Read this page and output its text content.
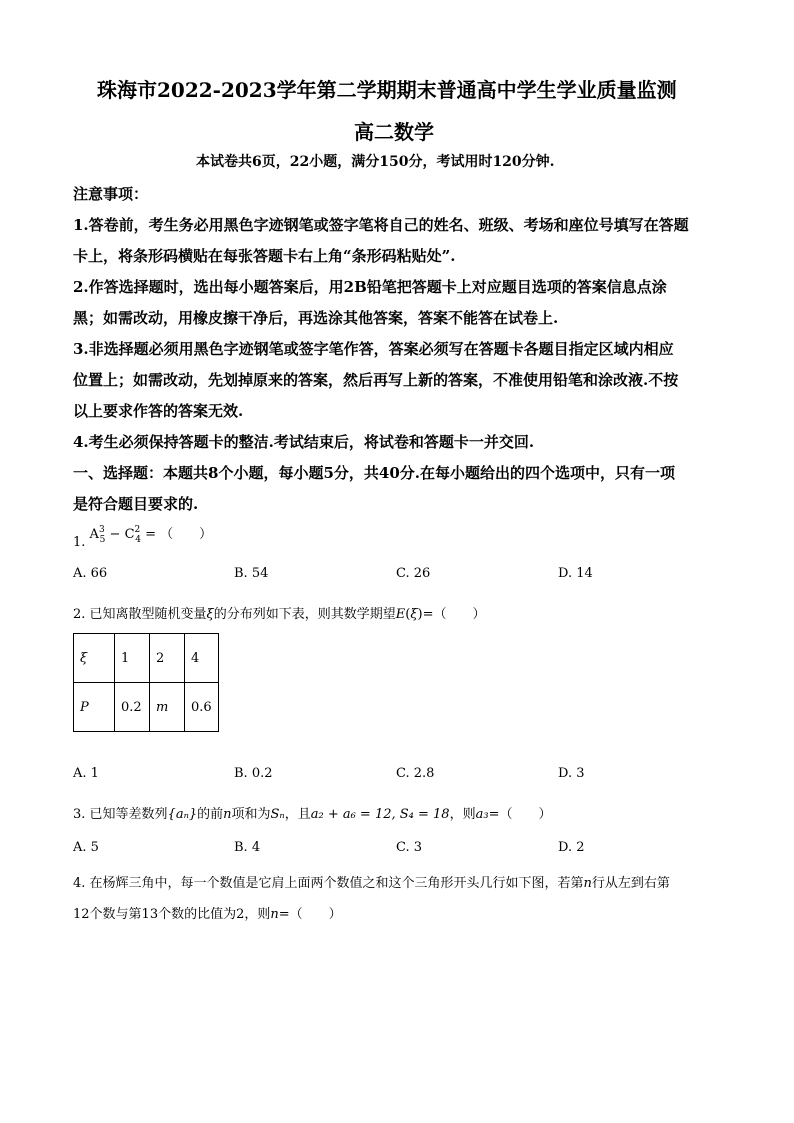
珠海市2022-2023学年第二学期期末普通高中学生学业质量监测
高二数学
本试卷共6页，22小题，满分150分，考试用时120分钟.
注意事项：
1.答卷前，考生务必用黑色字迹钢笔或签字笔将自己的姓名、班级、考场和座位号填写在答题
卡上，将条形码横贴在每张答题卡右上角“条形码粘贴处”.
2.作答选择题时，选出每小题答案后，用2B铅笔把答题卡上对应题目选项的答案信息点涂
黑；如需改动，用橡皮擦干净后，再选涂其他答案，答案不能答在试卷上.
3.非选择题必须用黑色字迹钢笔或签字笔作答，答案必须写在答题卡各题目指定区域内相应
位置上；如需改动，先划掉原来的答案，然后再写上新的答案，不准使用铅笔和涂改液.不按
以上要求作答的答案无效.
4.考生必须保持答题卡的整洁.考试结束后，将试卷和答题卡一并交回.
一、选择题：本题共8个小题，每小题5分，共40分.在每小题给出的四个选项中，只有一项
是符合题目要求的.
1. $A^3_5 - C^2_4$ = （　　）
A. 66	B. 54	C. 26	D. 14
2. 已知离散型随机变量ξ的分布列如下表，则其数学期望E(ξ)=（　　）
ξ	1	2	4
P	0.2	m	0.6
A. 1	B. 0.2	C. 2.8	D. 3
3. 已知等差数列{aₙ}的前n项和为Sₙ，且a₂ + a₆ = 12, S₄ = 18，则a₃=（　　）
A. 5	B. 4	C. 3	D. 2
4. 在杨辉三角中，每一个数值是它肩上面两个数值之和这个三角形开头几行如下图，若第n行从左到右第
12个数与第13个数的比值为2，则n=（　　）
